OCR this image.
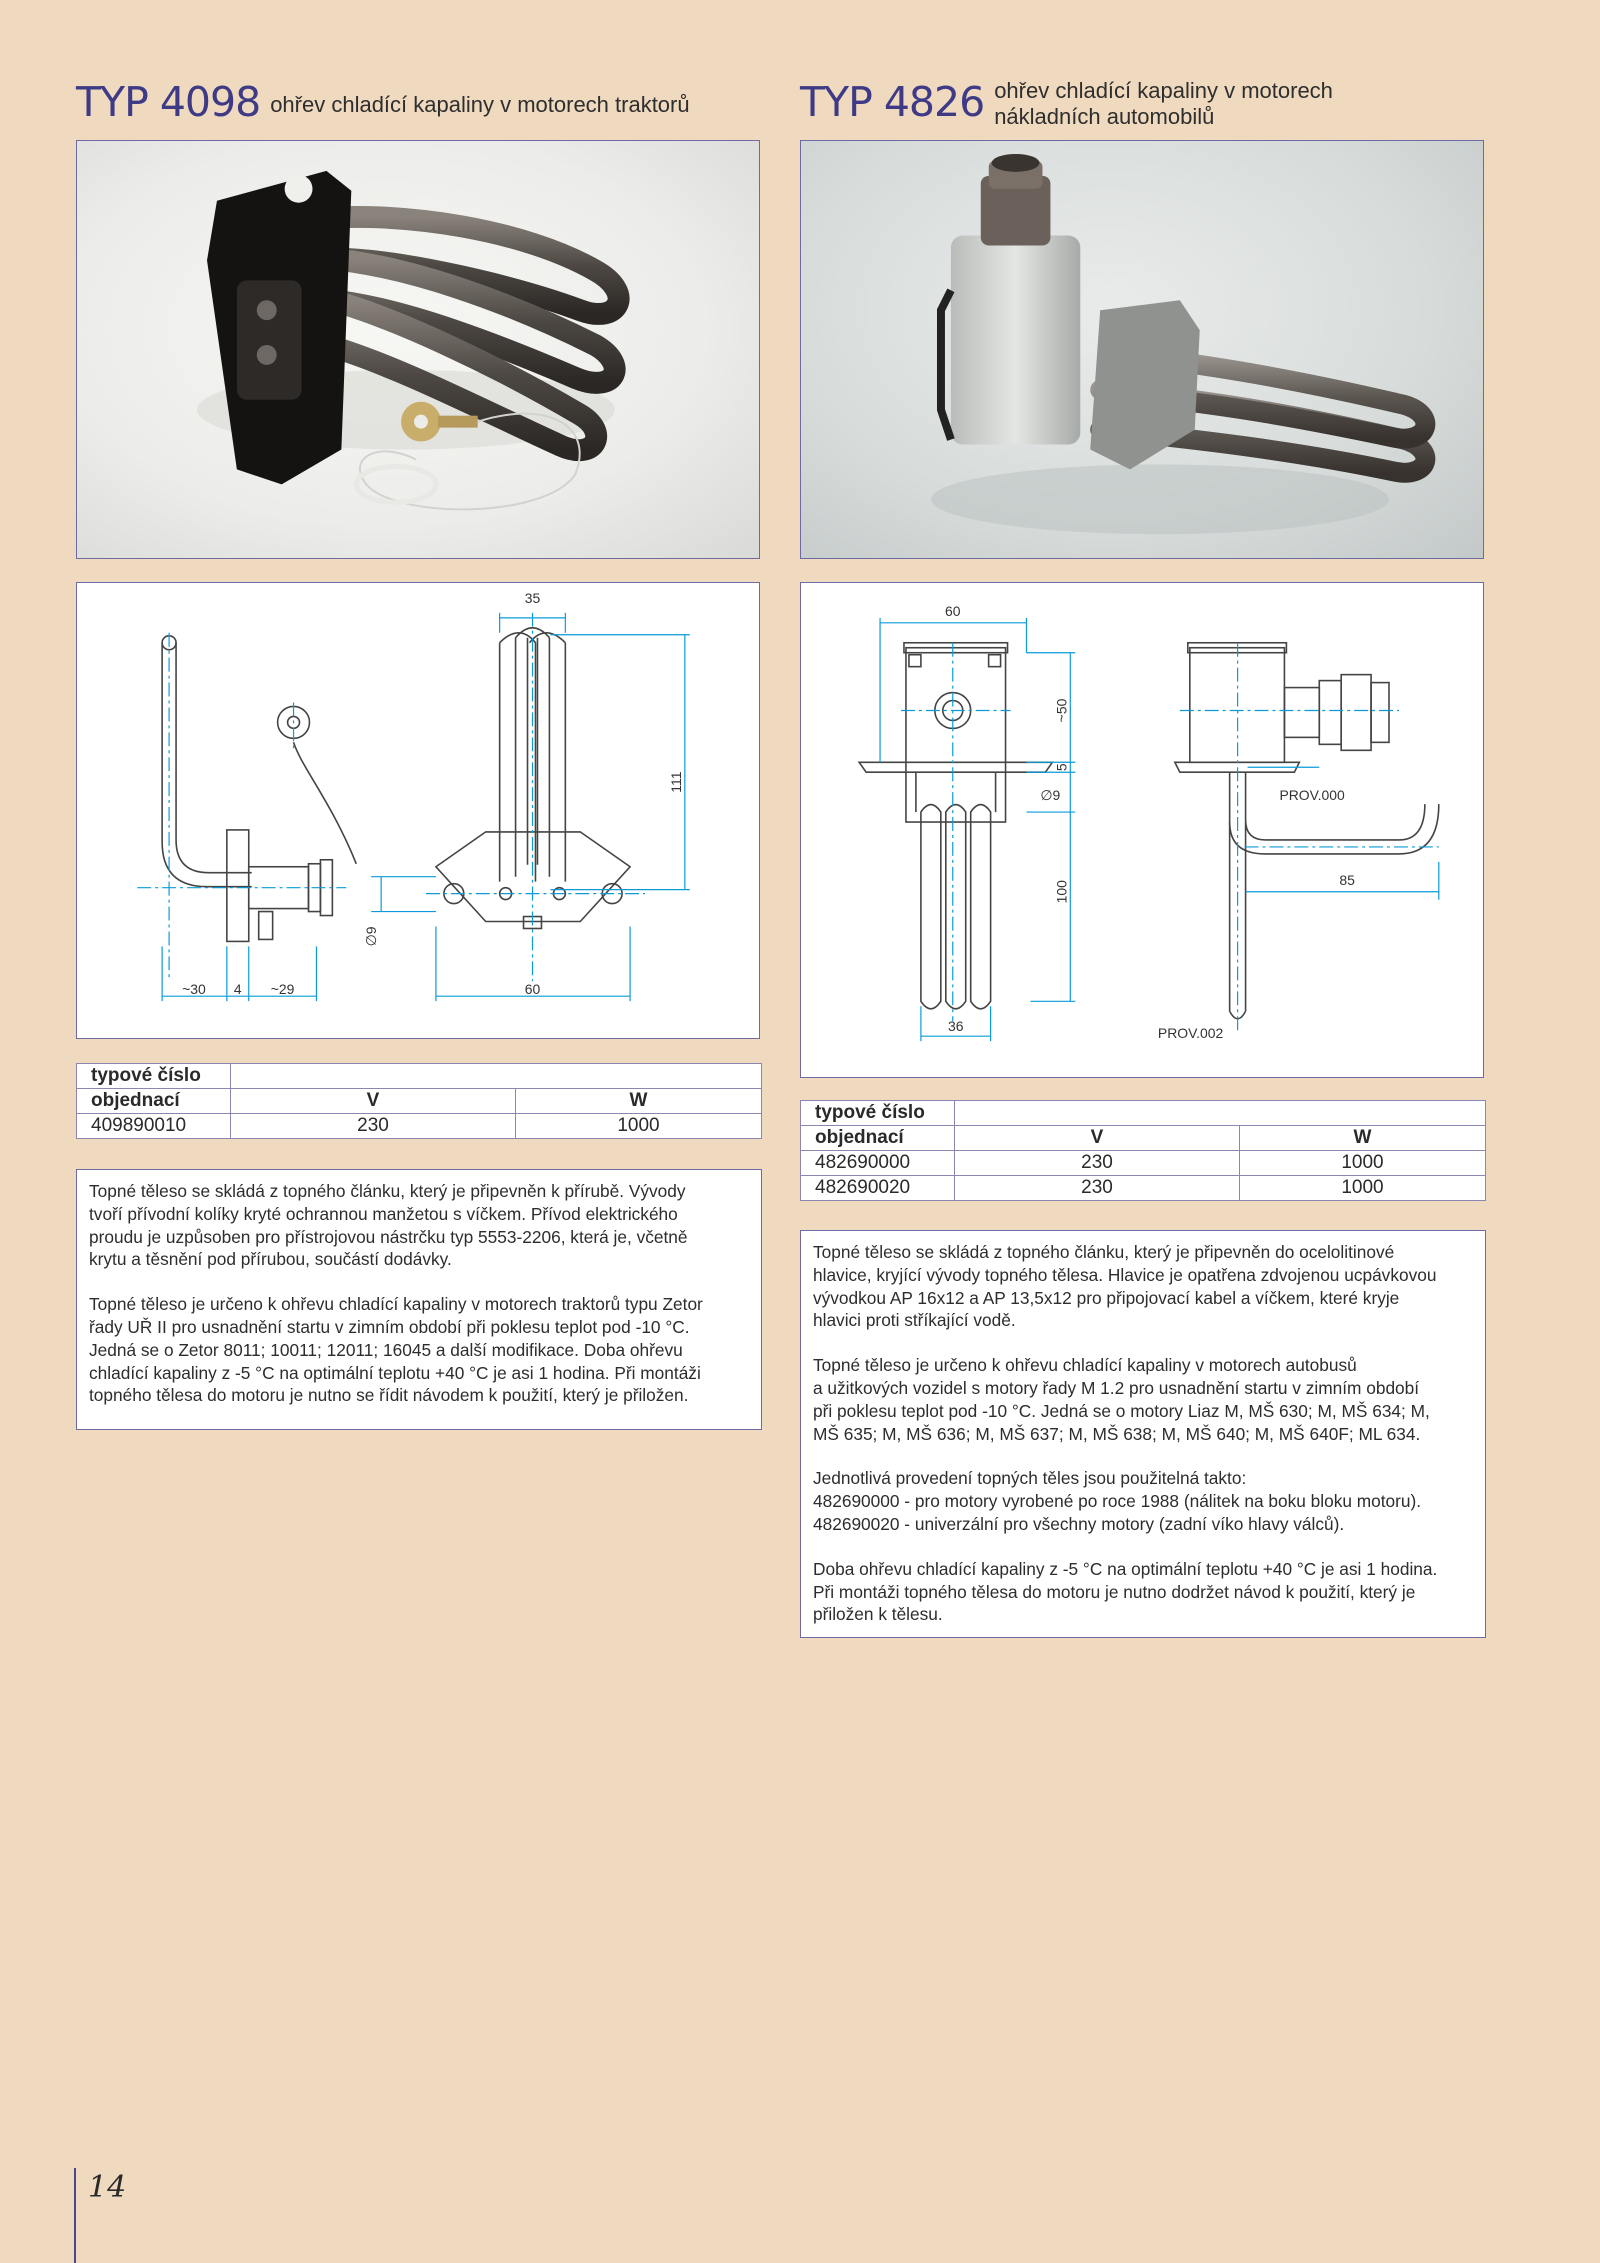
TYP 4098 ohřev chladící kapaliny v motorech traktorů
35
111
∅9
60
~30 4 ~29
typové číslo		
objednací	V	W
409890010	230	1000

Topné těleso se skládá z topného článku, který je připevněn k přírubě. Vývody
tvoří přívodní kolíky kryté ochrannou manžetou s víčkem. Přívod elektrického
proudu je uzpůsoben pro přístrojovou nástrčku typ 5553-2206, která je, včetně
krytu a těsnění pod přírubou, součástí dodávky.

Topné těleso je určeno k ohřevu chladící kapaliny v motorech traktorů typu Zetor
řady UŘ II pro usnadnění startu v zimním období při poklesu teplot pod -10 °C.
Jedná se o Zetor 8011; 10011; 12011; 16045 a další modifikace. Doba ohřevu
chladící kapaliny z -5 °C na optimální teplotu +40 °C je asi 1 hodina. Při montáži
topného tělesa do motoru je nutno se řídit návodem k použití, který je přiložen.

TYP 4826 ohřev chladící kapaliny v motorech
nákladních automobilů
60
~50
5
∅9
100
36
PROV.000
85
PROV.002
typové číslo		
objednací	V	W
482690000	230	1000
482690020	230	1000

Topné těleso se skládá z topného článku, který je připevněn do ocelolitinové
hlavice, kryjící vývody topného tělesa. Hlavice je opatřena zdvojenou ucpávkovou
vývodkou AP 16x12 a AP 13,5x12 pro připojovací kabel a víčkem, které kryje
hlavici proti stříkající vodě.

Topné těleso je určeno k ohřevu chladící kapaliny v motorech autobusů
a užitkových vozidel s motory řady M 1.2 pro usnadnění startu v zimním období
při poklesu teplot pod -10 °C. Jedná se o motory Liaz M, MŠ 630; M, MŠ 634; M,
MŠ 635; M, MŠ 636; M, MŠ 637; M, MŠ 638; M, MŠ 640; M, MŠ 640F; ML 634.

Jednotlivá provedení topných těles jsou použitelná takto:
482690000 - pro motory vyrobené po roce 1988 (nálitek na boku bloku motoru).
482690020 - univerzální pro všechny motory (zadní víko hlavy válců).

Doba ohřevu chladící kapaliny z -5 °C na optimální teplotu +40 °C je asi 1 hodina.
Při montáži topného tělesa do motoru je nutno dodržet návod k použití, který je
přiložen k tělesu.

14
